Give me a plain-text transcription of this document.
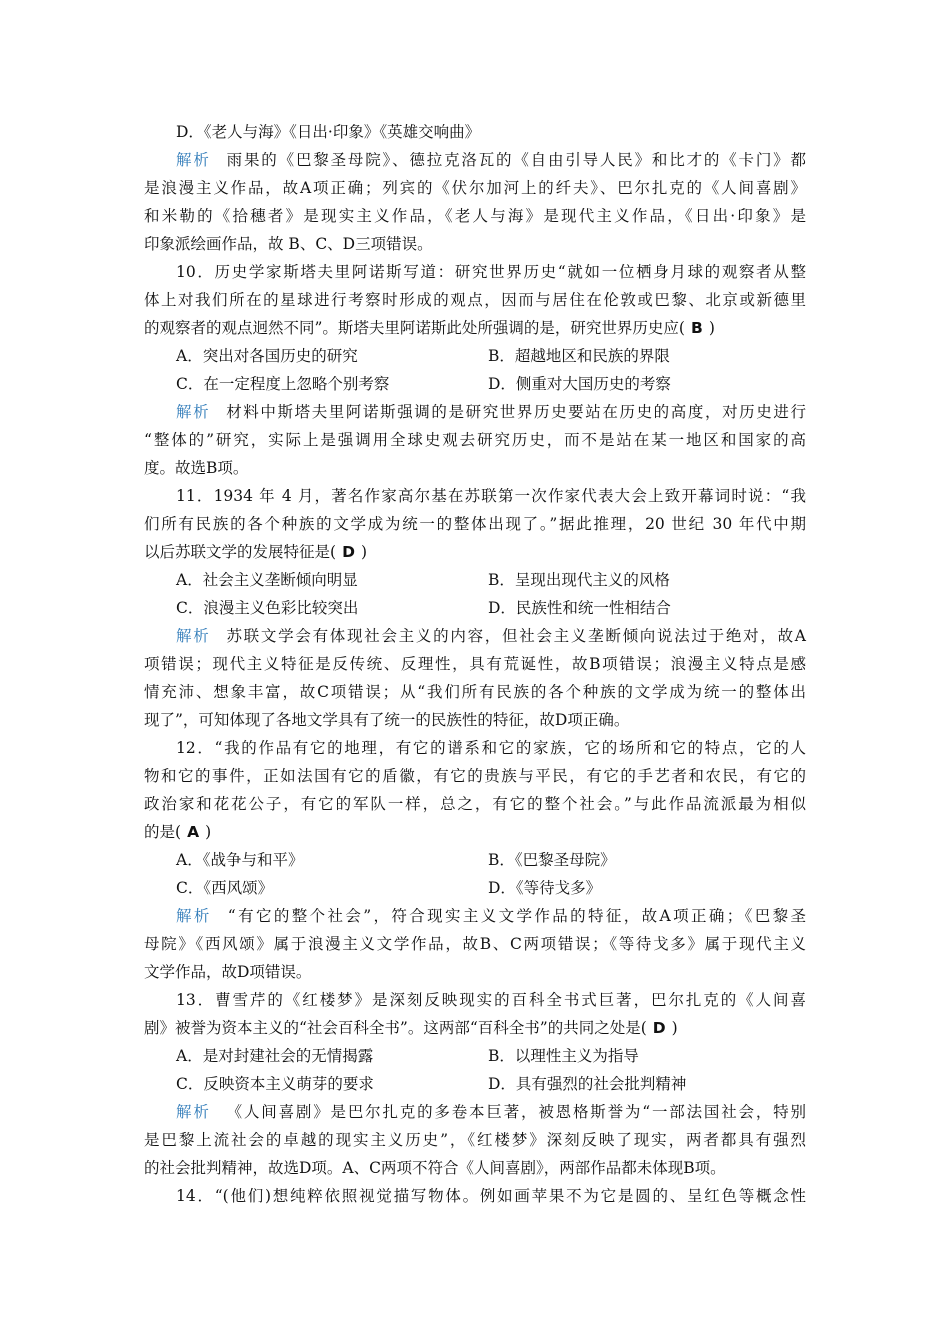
D．《老人与海》《日出·印象》《英雄交响曲》
解析 雨果的《巴黎圣母院》、德拉克洛瓦的《自由引导人民》和比才的《卡门》都
是浪漫主义作品，故A项正确；列宾的《伏尔加河上的纤夫》、巴尔扎克的《人间喜剧》
和米勒的《拾穗者》是现实主义作品，《老人与海》是现代主义作品，《日出·印象》是
印象派绘画作品，故 B、C、D三项错误。
10．历史学家斯塔夫里阿诺斯写道：研究世界历史“就如一位栖身月球的观察者从整
体上对我们所在的星球进行考察时形成的观点，因而与居住在伦敦或巴黎、北京或新德里
的观察者的观点迥然不同”。斯塔夫里阿诺斯此处所强调的是，研究世界历史应( B )
A．突出对各国历史的研究	B．超越地区和民族的界限
C．在一定程度上忽略个别考察	D．侧重对大国历史的考察
解析 材料中斯塔夫里阿诺斯强调的是研究世界历史要站在历史的高度，对历史进行
“整体的”研究，实际上是强调用全球史观去研究历史，而不是站在某一地区和国家的高
度。故选B项。
11．1934 年 4 月，著名作家高尔基在苏联第一次作家代表大会上致开幕词时说：“我
们所有民族的各个种族的文学成为统一的整体出现了。”据此推理，20 世纪 30 年代中期
以后苏联文学的发展特征是( D )
A．社会主义垄断倾向明显	B．呈现出现代主义的风格
C．浪漫主义色彩比较突出	D．民族性和统一性相结合
解析 苏联文学会有体现社会主义的内容，但社会主义垄断倾向说法过于绝对，故A
项错误；现代主义特征是反传统、反理性，具有荒诞性，故B项错误；浪漫主义特点是感
情充沛、想象丰富，故C项错误；从“我们所有民族的各个种族的文学成为统一的整体出
现了”，可知体现了各地文学具有了统一的民族性的特征，故D项正确。
12．“我的作品有它的地理，有它的谱系和它的家族，它的场所和它的特点，它的人
物和它的事件，正如法国有它的盾徽，有它的贵族与平民，有它的手艺者和农民，有它的
政治家和花花公子，有它的军队一样，总之，有它的整个社会。”与此作品流派最为相似
的是( A )
A．《战争与和平》	B．《巴黎圣母院》
C．《西风颂》	D．《等待戈多》
解析 “有它的整个社会”，符合现实主义文学作品的特征，故A项正确；《巴黎圣
母院》《西风颂》属于浪漫主义文学作品，故B、C两项错误；《等待戈多》属于现代主义
文学作品，故D项错误。
13．曹雪芹的《红楼梦》是深刻反映现实的百科全书式巨著，巴尔扎克的《人间喜
剧》被誉为资本主义的“社会百科全书”。这两部“百科全书”的共同之处是( D )
A．是对封建社会的无情揭露	B．以理性主义为指导
C．反映资本主义萌芽的要求	D．具有强烈的社会批判精神
解析 《人间喜剧》是巴尔扎克的多卷本巨著，被恩格斯誉为“一部法国社会，特别
是巴黎上流社会的卓越的现实主义历史”，《红楼梦》深刻反映了现实，两者都具有强烈
的社会批判精神，故选D项。A、C两项不符合《人间喜剧》，两部作品都未体现B项。
14．“(他们)想纯粹依照视觉描写物体。例如画苹果不为它是圆的、呈红色等概念性
